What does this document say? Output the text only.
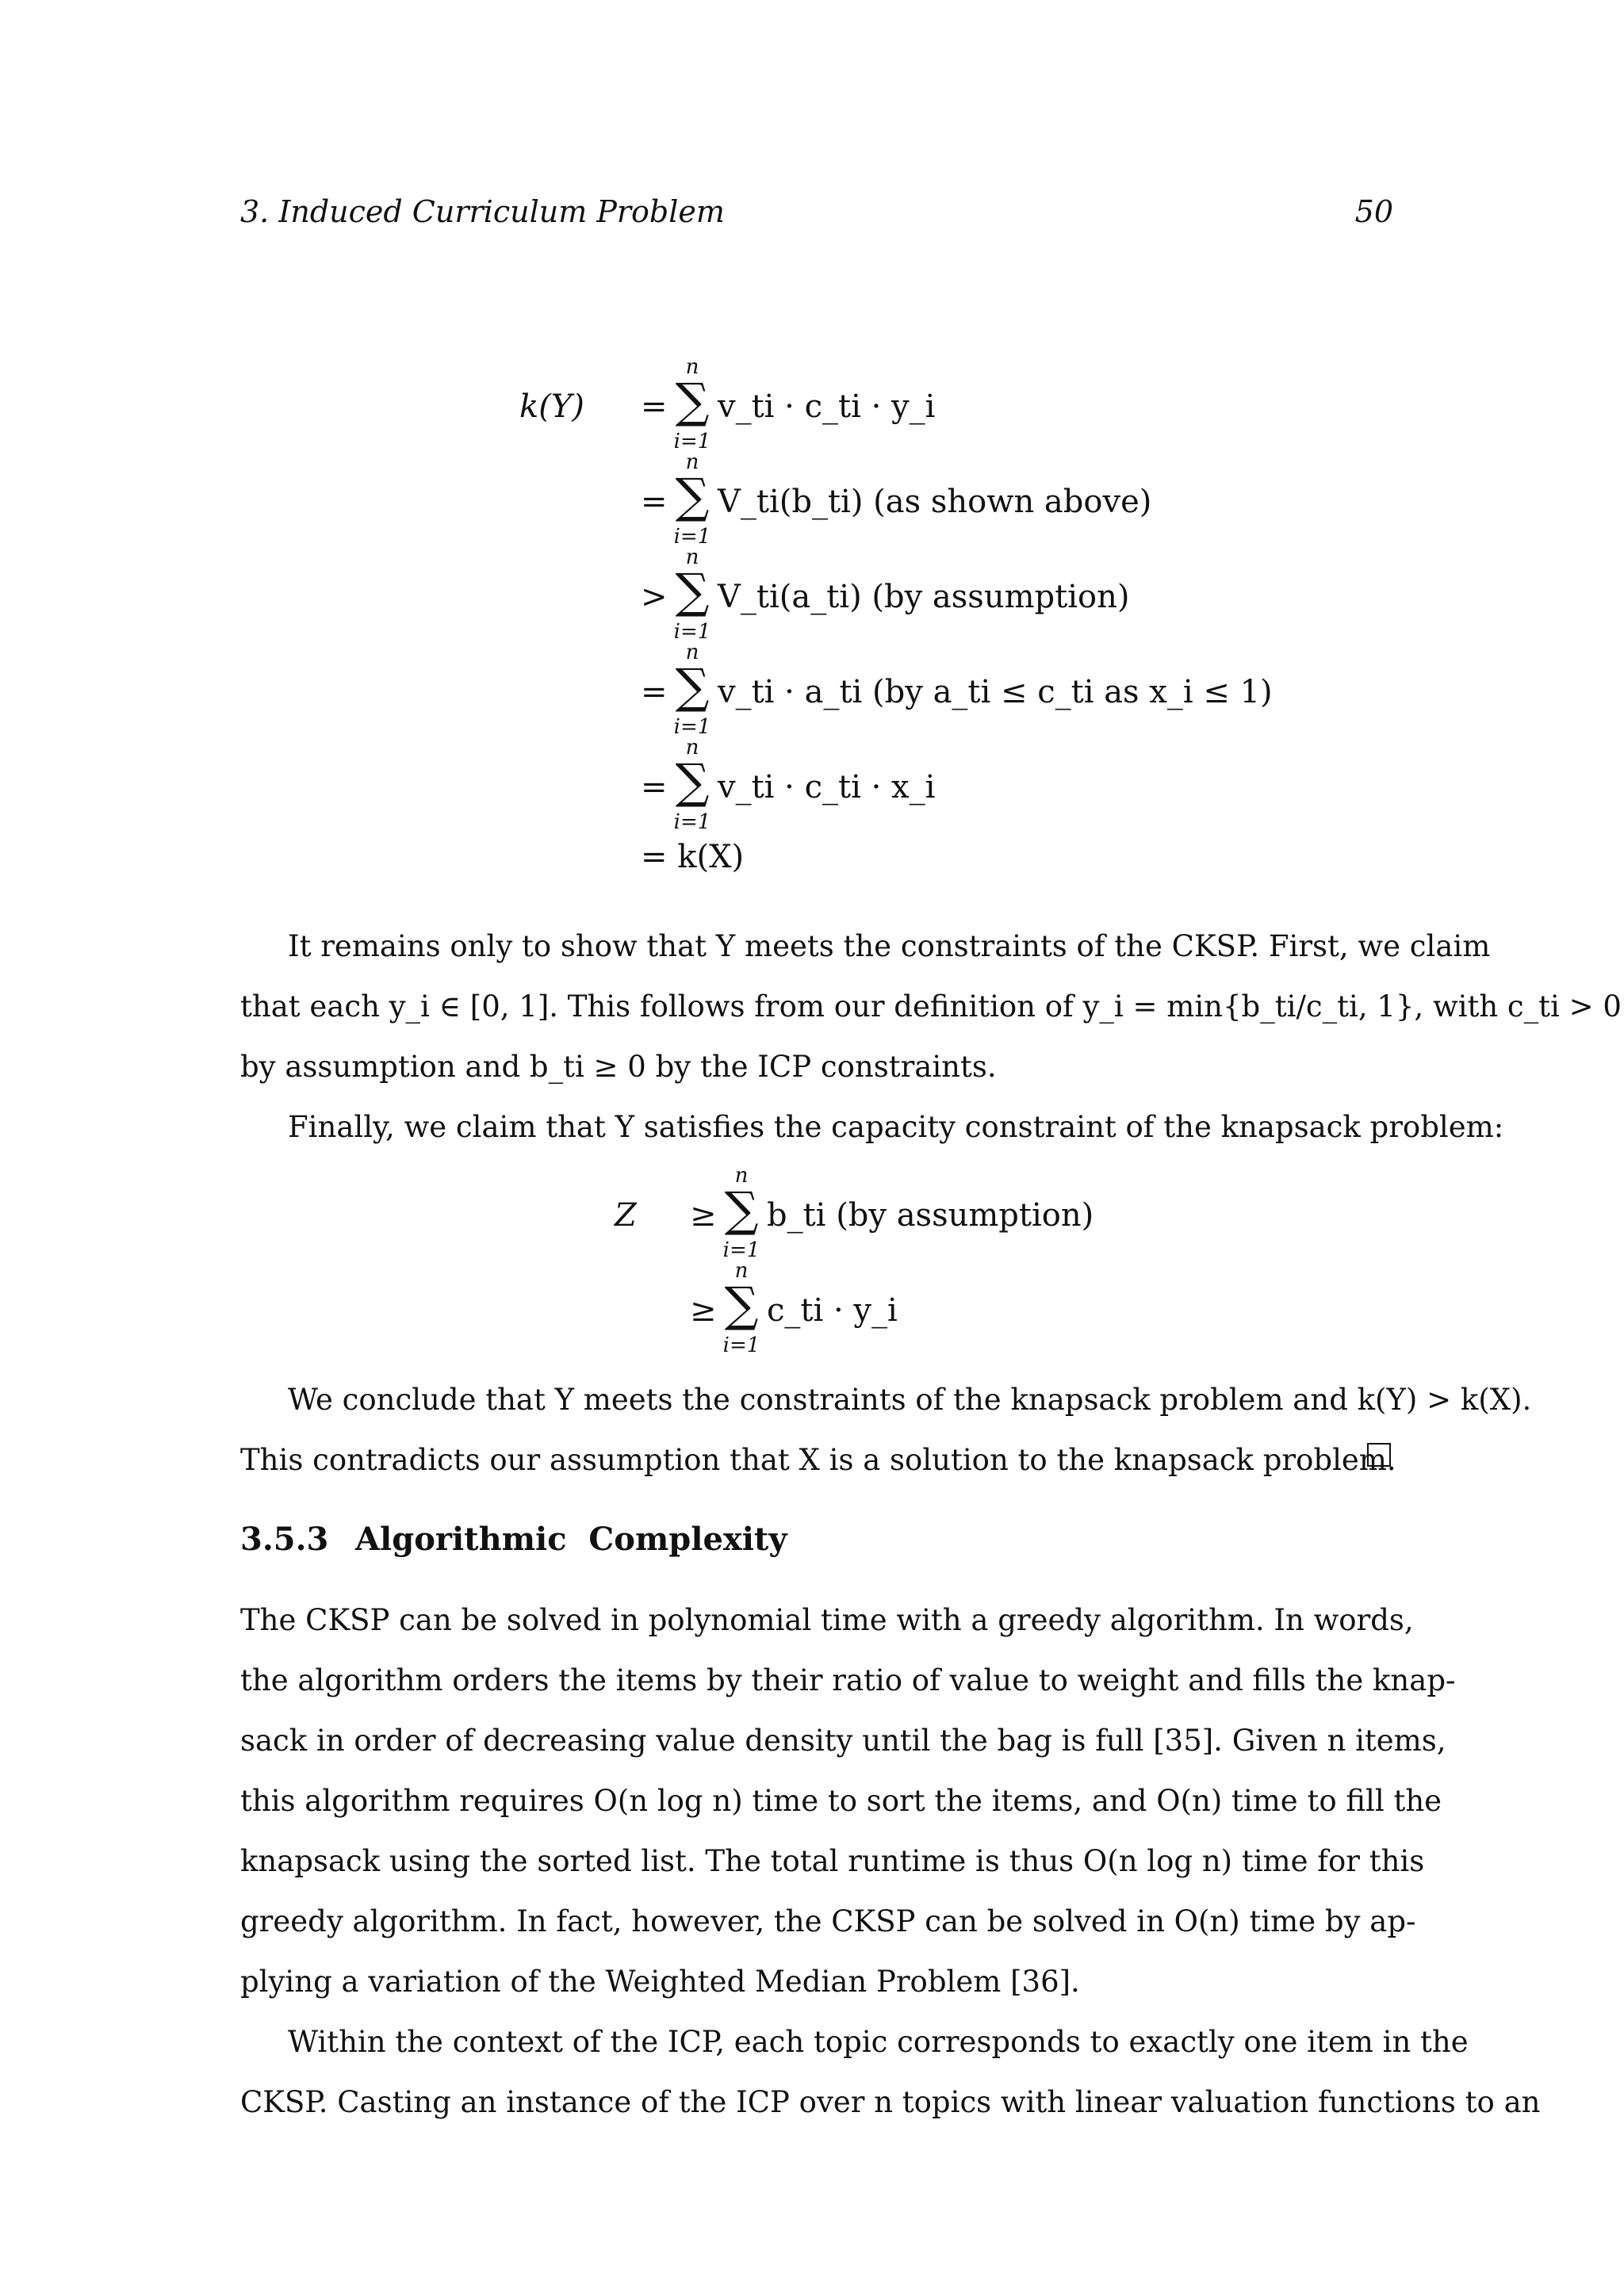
3. Induced Curriculum Problem	50
k(Y) =
n
∑
i=1
v_ti · c_ti · y_i
=
n
∑
i=1
V_ti(b_ti) (as shown above)
>
n
∑
i=1
V_ti(a_ti) (by assumption)
=
n
∑
i=1
v_ti · a_ti (by a_ti ≤ c_ti as x_i ≤ 1)
=
n
∑
i=1
v_ti · c_ti · x_i
= k(X)
It remains only to show that Y meets the constraints of the CKSP. First, we claim
that each y_i ∈ [0, 1]. This follows from our definition of y_i = min{b_ti/c_ti, 1}, with c_ti > 0
by assumption and b_ti ≥ 0 by the ICP constraints.
Finally, we claim that Y satisfies the capacity constraint of the knapsack problem:
Z ≥
n
∑
i=1
b_ti (by assumption)
≥
n
∑
i=1
c_ti · y_i
We conclude that Y meets the constraints of the knapsack problem and k(Y) > k(X).
This contradicts our assumption that X is a solution to the knapsack problem.
3.5.3 Algorithmic  Complexity
The CKSP can be solved in polynomial time with a greedy algorithm. In words,
the algorithm orders the items by their ratio of value to weight and fills the knap-
sack in order of decreasing value density until the bag is full [35]. Given n items,
this algorithm requires O(n log n) time to sort the items, and O(n) time to fill the
knapsack using the sorted list. The total runtime is thus O(n log n) time for this
greedy algorithm. In fact, however, the CKSP can be solved in O(n) time by ap-
plying a variation of the Weighted Median Problem [36].
Within the context of the ICP, each topic corresponds to exactly one item in the
CKSP. Casting an instance of the ICP over n topics with linear valuation functions to an
